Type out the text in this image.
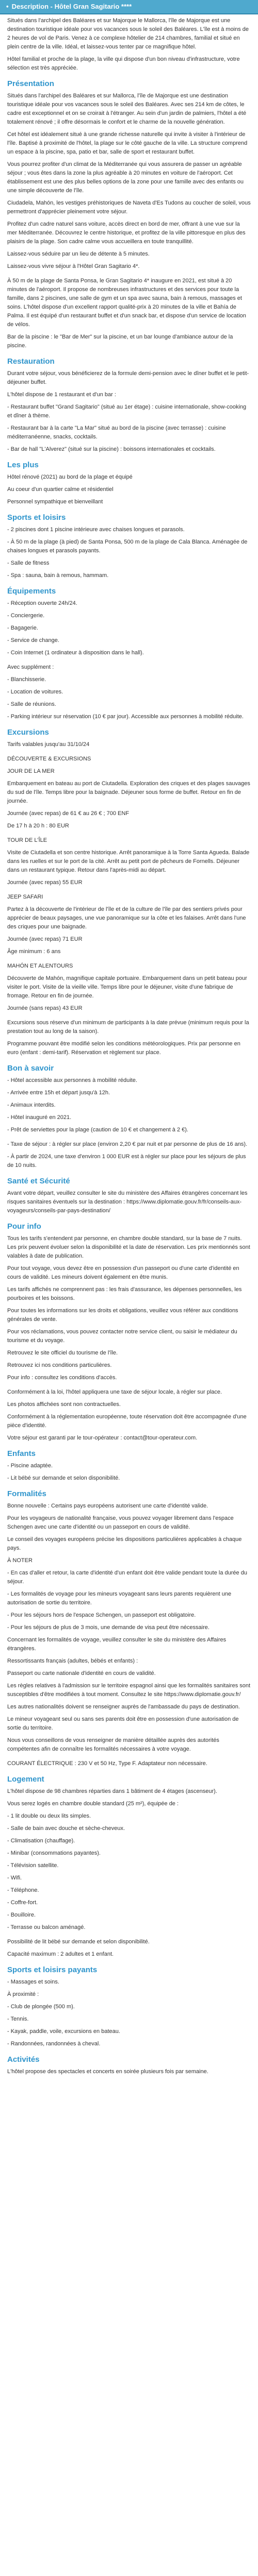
• Description - Hôtel Gran Sagitario ****
Situés dans l'archipel des Baléares et sur Majorque le Mallorca, l'île de Majorque est une destination touristique idéale pour vos vacances sous le soleil des Baléares. L'île est à moins de 2 heures de vol de Paris. Venez à ce complexe hôtelier de 214 chambres, familial et situé en plein centre de la ville. Idéal, et laissez-vous tenter par ce magnifique hôtel.
Hôtel familial et proche de la plage, la ville qui dispose d'un bon niveau d'infrastructure, votre sélection est très appréciée.
Présentation
Situés dans l'archipel des Baléares et sur Mallorca, l'île de Majorque est une destination touristique idéale pour vos vacances sous le soleil des Baléares. Avec ses 214 km de côtes, le cadre est exceptionnel et on se croirait à l'étranger. Au sein d'un jardin de palmiers, l'hôtel a été totalement rénové ; il offre désormais le confort et le charme de la nouvelle génération.
Cet hôtel est idéalement situé à une grande richesse naturelle qui invite à visiter à l'intérieur de l'île. Baptisé à proximité de l'hôtel, la plage sur le côté gauche de la ville. La structure comprend un espace à la piscine, spa, patio et bar, salle de sport et restaurant buffet.
Vous pourrez profiter d'un climat de la Méditerranée qui vous assurera de passer un agréable séjour ; vous êtes dans la zone la plus agréable à 20 minutes en voiture de l'aéroport. Cet établissement est une des plus belles options de la zone pour une famille avec des enfants ou une simple découverte de l'île.
Ciudadela, Mahón, les vestiges préhistoriques de Naveta d'Es Tudons au coucher de soleil, vous permettront d'apprécier pleinement votre séjour.
Profitez d'un cadre naturel sans voiture, accès direct en bord de mer, offrant à une vue sur la mer Méditerranée. Découvrez le centre historique, et profitez de la ville pittoresque en plus des plaisirs de la plage. Son cadre calme vous accueillera en toute tranquillité.
Laissez-vous séduire par un lieu de détente à 5 minutes.
Laissez-vous vivre séjour à l'Hôtel Gran Sagitario 4*.
À 50 m de la plage de Santa Ponsa, le Gran Sagitario 4* inaugure en 2021, est situé à 20 minutes de l'aéroport. Il propose de nombreuses infrastructures et des services pour toute la famille, dans 2 piscines, une salle de gym et un spa avec sauna, bain à remous, massages et soins. L'hôtel dispose d'un excellent rapport qualité-prix à 20 minutes de la ville et Bahía de Palma. Il est équipé d'un restaurant buffet et d'un snack bar, et dispose d'un service de location de vélos.
Bar de la piscine : le "Bar de Mer" sur la piscine, et un bar lounge d'ambiance autour de la piscine.
Restauration
Durant votre séjour, vous bénéficierez de la formule demi-pension avec le dîner buffet et le petit-déjeuner buffet.
L'hôtel dispose de 1 restaurant et d'un bar :
- Restaurant buffet "Grand Sagitario" (situé au 1er étage) : cuisine internationale, show-cooking et dîner à thème.
- Restaurant bar à la carte "La Mar" situé au bord de la piscine (avec terrasse) : cuisine méditerranéenne, snacks, cocktails.
- Bar de hall "L'Alverez" (situé sur la piscine) : boissons internationales et cocktails.
Les plus
Hôtel rénové (2021) au bord de la plage et équipé
Au coeur d'un quartier calme et résidentiel
Personnel sympathique et bienveillant
Sports et loisirs
- 2 piscines dont 1 piscine intérieure avec chaises longues et parasols.
- À 50 m de la plage (à pied) de Santa Ponsa, 500 m de la plage de Cala Blanca. Aménagée de chaises longues et parasols payants.
- Salle de fitness
- Spa : sauna, bain à remous, hammam.
Équipements
- Réception ouverte 24h/24.
- Conciergerie.
- Bagagerie.
- Service de change.
- Coin Internet (1 ordinateur à disposition dans le hall).
Avec supplément :
- Blanchisserie.
- Location de voitures.
- Salle de réunions.
- Parking intérieur sur réservation (10 € par jour). Accessible aux personnes à mobilité réduite.
Excursions
Tarifs valables jusqu'au 31/10/24
DÉCOUVERTE & EXCURSIONS
JOUR DE LA MER
Embarquement en bateau au port de Ciutadella. Exploration des criques et des plages sauvages du sud de l'île. Temps libre pour la baignade. Déjeuner sous forme de buffet. Retour en fin de journée.
Journée (avec repas) de 61 € au 26 € ; 700 ENF
De 17 h à 20 h : 80 EUR
TOUR DE L'ÎLE
Visite de Ciutadella et son centre historique. Arrêt panoramique à la Torre Santa Agueda. Balade dans les ruelles et sur le port de la cité. Arrêt au petit port de pêcheurs de Fornells. Déjeuner dans un restaurant typique. Retour dans l'après-midi au départ.
Journée (avec repas) 55 EUR
JEEP SAFARI
Partez à la découverte de l'intérieur de l'île et de la culture de l'île par des sentiers privés pour apprécier de beaux paysages, une vue panoramique sur la côte et les falaises. Arrêt dans l'une des criques pour une baignade.
Journée (avec repas) 71 EUR
Âge minimum : 6 ans
MAHÓN ET ALENTOURS
Découverte de Mahón, magnifique capitale portuaire. Embarquement dans un petit bateau pour visiter le port. Visite de la vieille ville. Temps libre pour le déjeuner, visite d'une fabrique de fromage. Retour en fin de journée.
Journée (sans repas) 43 EUR
Excursions sous réserve d'un minimum de participants à la date prévue (minimum requis pour la prestation tout au long de la saison).
Programme pouvant être modifié selon les conditions météorologiques. Prix par personne en euro (enfant : demi-tarif). Réservation et règlement sur place.
Bon à savoir
- Hôtel accessible aux personnes à mobilité réduite.
- Arrivée entre 15h et départ jusqu'à 12h.
- Animaux interdits.
- Hôtel inauguré en 2021.
- Prêt de serviettes pour la plage (caution de 10 € et changement à 2 €).
- Taxe de séjour : à régler sur place (environ 2,20 € par nuit et par personne de plus de 16 ans).
- À partir de 2024, une taxe d'environ 1 000 EUR est à régler sur place pour les séjours de plus de 10 nuits.
Santé et Sécurité
Avant votre départ, veuillez consulter le site du ministère des Affaires étrangères concernant les risques sanitaires éventuels sur la destination : https://www.diplomatie.gouv.fr/fr/conseils-aux-voyageurs/conseils-par-pays-destination/
Pour info
Tous les tarifs s'entendent par personne, en chambre double standard, sur la base de 7 nuits. Les prix peuvent évoluer selon la disponibilité et la date de réservation. Les prix mentionnés sont valables à date de publication.
Pour tout voyage, vous devez être en possession d'un passeport ou d'une carte d'identité en cours de validité. Les mineurs doivent également en être munis.
Les tarifs affichés ne comprennent pas : les frais d'assurance, les dépenses personnelles, les pourboires et les boissons.
Pour toutes les informations sur les droits et obligations, veuillez vous référer aux conditions générales de vente.
Pour vos réclamations, vous pouvez contacter notre service client, ou saisir le médiateur du tourisme et du voyage.
Retrouvez le site officiel du tourisme de l'île.
Retrouvez ici nos conditions particulières.
Pour info : consultez les conditions d'accès.
Conformément à la loi, l'hôtel appliquera une taxe de séjour locale, à régler sur place.
Les photos affichées sont non contractuelles.
Conformément à la réglementation européenne, toute réservation doit être accompagnée d'une pièce d'identité.
Votre séjour est garanti par le tour-opérateur : contact@tour-operateur.com.
Enfants
- Piscine adaptée.
- Lit bébé sur demande et selon disponibilité.
Formalités
Bonne nouvelle : Certains pays européens autorisent une carte d'identité valide.
Pour les voyageurs de nationalité française, vous pouvez voyager librement dans l'espace Schengen avec une carte d'identité ou un passeport en cours de validité.
Le conseil des voyages européens précise les dispositions particulières applicables à chaque pays.
À NOTER
- En cas d'aller et retour, la carte d'identité d'un enfant doit être valide pendant toute la durée du séjour.
- Les formalités de voyage pour les mineurs voyageant sans leurs parents requièrent une autorisation de sortie du territoire.
- Pour les séjours hors de l'espace Schengen, un passeport est obligatoire.
- Pour les séjours de plus de 3 mois, une demande de visa peut être nécessaire.
Concernant les formalités de voyage, veuillez consulter le site du ministère des Affaires étrangères.
Ressortissants français (adultes, bébés et enfants) :
Passeport ou carte nationale d'identité en cours de validité.
Les règles relatives à l'admission sur le territoire espagnol ainsi que les formalités sanitaires sont susceptibles d'être modifiées à tout moment. Consultez le site https://www.diplomatie.gouv.fr/
Les autres nationalités doivent se renseigner auprès de l'ambassade du pays de destination.
Le mineur voyageant seul ou sans ses parents doit être en possession d'une autorisation de sortie du territoire.
Nous vous conseillons de vous renseigner de manière détaillée auprès des autorités compétentes afin de connaître les formalités nécessaires à votre voyage.
COURANT ÉLECTRIQUE : 230 V et 50 Hz, Type F. Adaptateur non nécessaire.
Logement
L'hôtel dispose de 98 chambres réparties dans 1 bâtiment de 4 étages (ascenseur).
Vous serez logés en chambre double standard (25 m²), équipée de :
- 1 lit double ou deux lits simples.
- Salle de bain avec douche et sèche-cheveux.
- Climatisation (chauffage).
- Minibar (consommations payantes).
- Télévision satellite.
- Wifi.
- Téléphone.
- Coffre-fort.
- Bouilloire.
- Terrasse ou balcon aménagé.
Possibilité de lit bébé sur demande et selon disponibilité.
Capacité maximum : 2 adultes et 1 enfant.
Sports et loisirs payants
- Massages et soins.
À proximité :
- Club de plongée (500 m).
- Tennis.
- Kayak, paddle, voile, excursions en bateau.
- Randonnées, randonnées à cheval.
Activités
L'hôtel propose des spectacles et concerts en soirée plusieurs fois par semaine.
